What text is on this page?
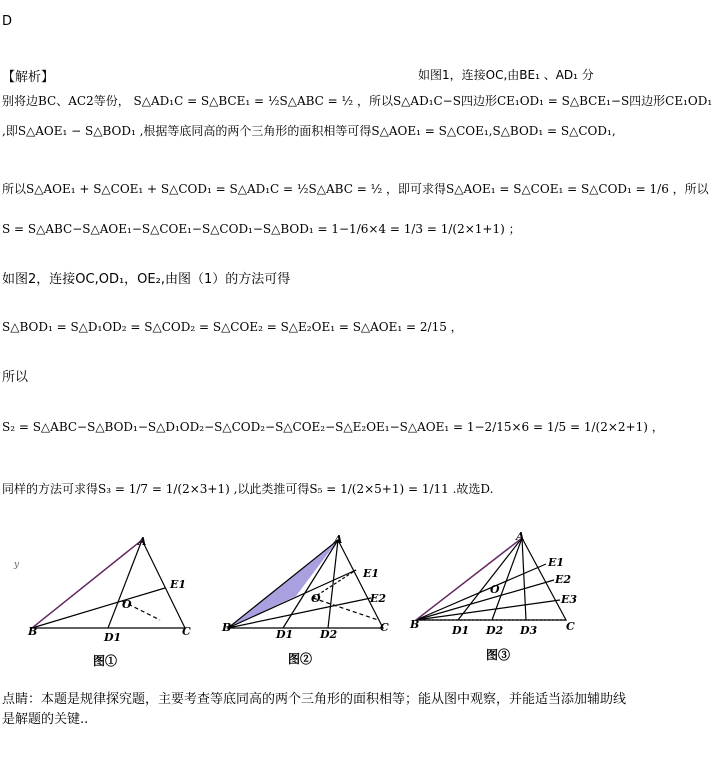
D
【解析】	如图1，连接OC,由BE₁ 、AD₁ 分
别将边BC、AC2等份， S△AD₁C = S△BCE₁ = ½S△ABC = ½ ，所以S△AD₁C−S四边形CE₁OD₁ = S△BCE₁−S四边形CE₁OD₁
,即S△AOE₁ − S△BOD₁ ,根据等底同高的两个三角形的面积相等可得S△AOE₁ = S△COE₁,S△BOD₁ = S△COD₁,
所以S△AOE₁ + S△COE₁ + S△COD₁ = S△AD₁C = ½S△ABC = ½ ，即可求得S△AOE₁ = S△COE₁ = S△COD₁ = 1/6 ，所以
S = S△ABC−S△AOE₁−S△COE₁−S△COD₁−S△BOD₁ = 1−1/6×4 = 1/3 = 1/(2×1+1) ；
如图2，连接OC,OD₁，OE₂,由图（1）的方法可得
S△BOD₁ = S△D₁OD₂ = S△COD₂ = S△COE₂ = S△E₂OE₁ = S△AOE₁ = 2/15 ，
所以
S₂ = S△ABC−S△BOD₁−S△D₁OD₂−S△COD₂−S△COE₂−S△E₂OE₁−S△AOE₁ = 1−2/15×6 = 1/5 = 1/(2×2+1) ，
同样的方法可求得S₃ = 1/7 = 1/(2×3+1) ,以此类推可得S₅ = 1/(2×5+1) = 1/11 .故选D.
y
A
B	C
D1
E1
O
图①
A
B	C
D1 D2
E1
E2
O
图②
A
B	C
D1 D2 D3
E1
E2
E3
O
图③
点睛：本题是规律探究题，主要考查等底同高的两个三角形的面积相等；能从图中观察，并能适当添加辅助线是解题的关键..
